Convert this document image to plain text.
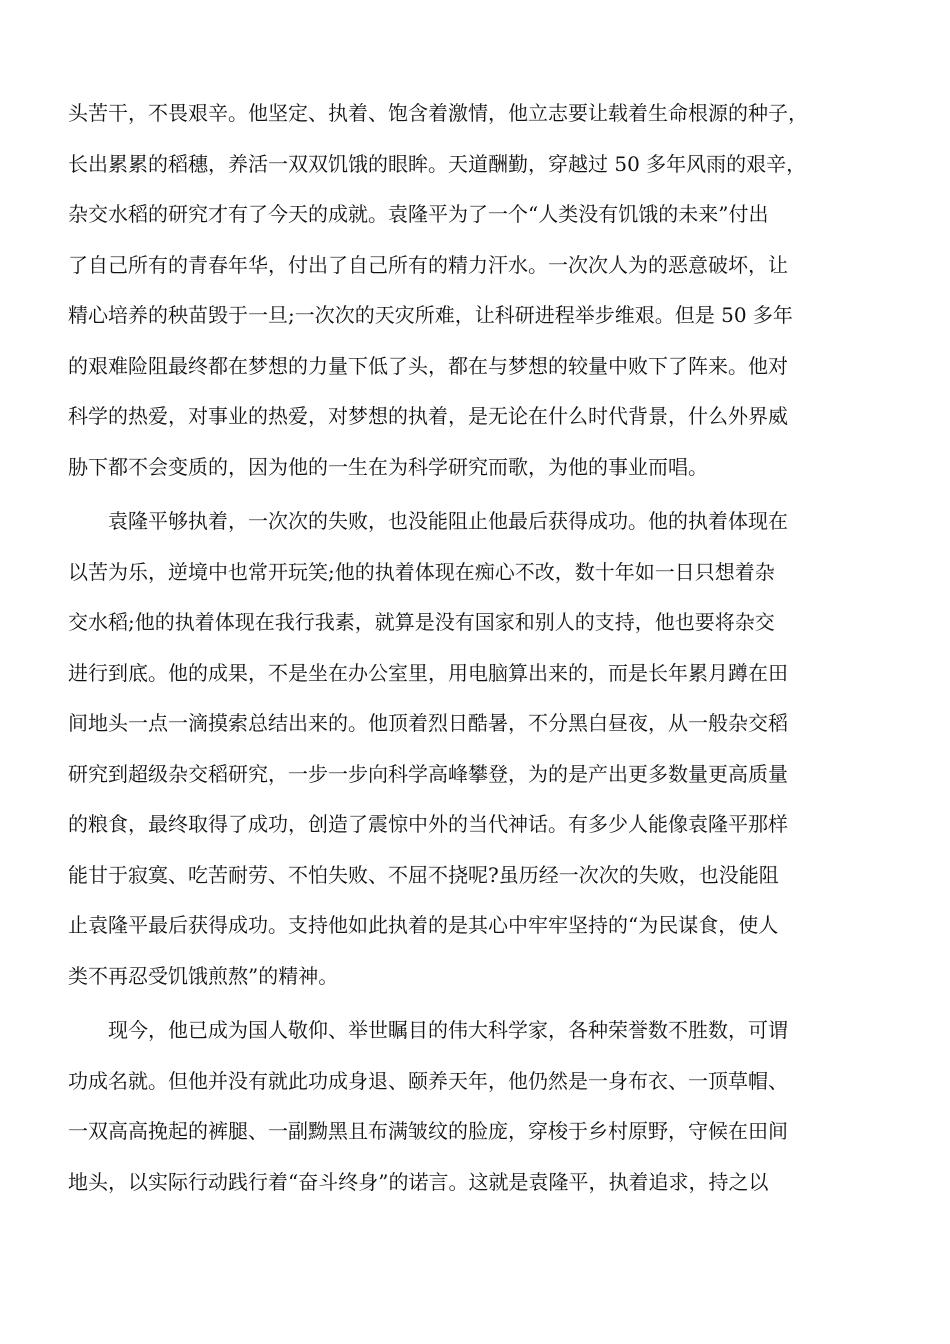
头苦干，不畏艰辛。他坚定、执着、饱含着激情，他立志要让载着生命根源的种子，
长出累累的稻穗，养活一双双饥饿的眼眸。天道酬勤，穿越过 50 多年风雨的艰辛，
杂交水稻的研究才有了今天的成就。袁隆平为了一个“人类没有饥饿的未来”付出
了自己所有的青春年华，付出了自己所有的精力汗水。一次次人为的恶意破坏，让
精心培养的秧苗毁于一旦;一次次的天灾所难，让科研进程举步维艰。但是 50 多年
的艰难险阻最终都在梦想的力量下低了头，都在与梦想的较量中败下了阵来。他对
科学的热爱，对事业的热爱，对梦想的执着，是无论在什么时代背景，什么外界威
胁下都不会变质的，因为他的一生在为科学研究而歌，为他的事业而唱。
　　袁隆平够执着，一次次的失败，也没能阻止他最后获得成功。他的执着体现在
以苦为乐，逆境中也常开玩笑;他的执着体现在痴心不改，数十年如一日只想着杂
交水稻;他的执着体现在我行我素，就算是没有国家和别人的支持，他也要将杂交
进行到底。他的成果，不是坐在办公室里，用电脑算出来的，而是长年累月蹲在田
间地头一点一滴摸索总结出来的。他顶着烈日酷暑，不分黑白昼夜，从一般杂交稻
研究到超级杂交稻研究，一步一步向科学高峰攀登，为的是产出更多数量更高质量
的粮食，最终取得了成功，创造了震惊中外的当代神话。有多少人能像袁隆平那样
能甘于寂寞、吃苦耐劳、不怕失败、不屈不挠呢?虽历经一次次的失败，也没能阻
止袁隆平最后获得成功。支持他如此执着的是其心中牢牢坚持的“为民谋食，使人
类不再忍受饥饿煎熬”的精神。
　　现今，他已成为国人敬仰、举世瞩目的伟大科学家，各种荣誉数不胜数，可谓
功成名就。但他并没有就此功成身退、颐养天年，他仍然是一身布衣、一顶草帽、
一双高高挽起的裤腿、一副黝黑且布满皱纹的脸庞，穿梭于乡村原野，守候在田间
地头，以实际行动践行着“奋斗终身”的诺言。这就是袁隆平，执着追求，持之以
